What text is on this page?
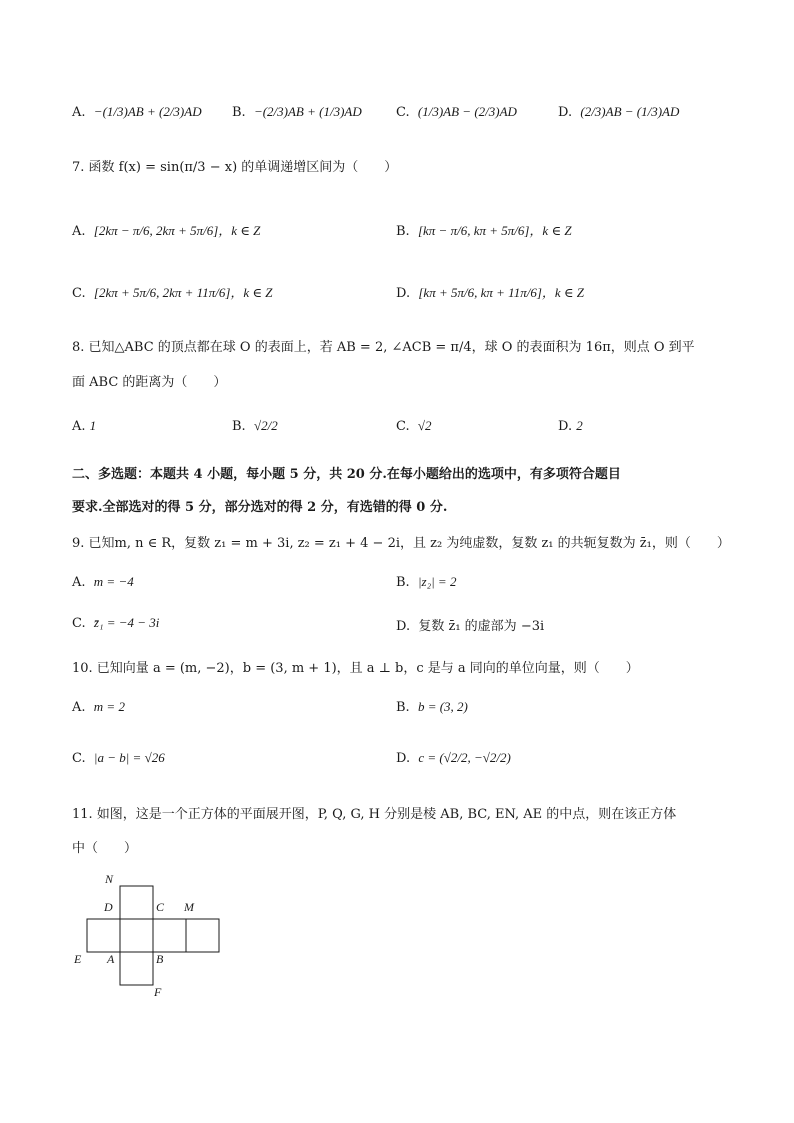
A. −(1/3)AB + (2/3)AD B. −(2/3)AB + (1/3)AD	C. (1/3)AB − (2/3)AD	D. (2/3)AB − (1/3)AD
7. 函数 f(x) = sin(π/3 − x) 的单调递增区间为（　　）
A. [2kπ − π/6, 2kπ + 5π/6]，k ∈ Z	B. [kπ − π/6, kπ + 5π/6]，k ∈ Z
C. [2kπ + 5π/6, 2kπ + 11π/6]，k ∈ Z	D. [kπ + 5π/6, kπ + 11π/6]，k ∈ Z
8. 已知△ABC 的顶点都在球 O 的表面上，若 AB = 2, ∠ACB = π/4，球 O 的表面积为 16π，则点 O 到平
面 ABC 的距离为（　　）
A. 1	B. √2/2	C. √2	D. 2
二、多选题：本题共 4 小题，每小题 5 分，共 20 分.在每小题给出的选项中，有多项符合题目
要求.全部选对的得 5 分，部分选对的得 2 分，有选错的得 0 分.
9. 已知m, n ∈ R，复数 z₁ = m + 3i, z₂ = z₁ + 4 − 2i，且 z₂ 为纯虚数，复数 z₁ 的共轭复数为 z̄₁，则（　　）
A. m = −4	B. |z₂| = 2
C. z̄₁ = −4 − 3i	D. 复数 z̄₁ 的虚部为 −3i
10. 已知向量 a = (m, −2)，b = (3, m + 1)，且 a ⊥ b，c 是与 a 同向的单位向量，则（　　）
A. m = 2	B. b = (3, 2)
C. |a − b| = √26	D. c = (√2/2, −√2/2)
11. 如图，这是一个正方体的平面展开图，P, Q, G, H 分别是棱 AB, BC, EN, AE 的中点，则在该正方体
中（　　）
N
D	C M
E A	B
F
